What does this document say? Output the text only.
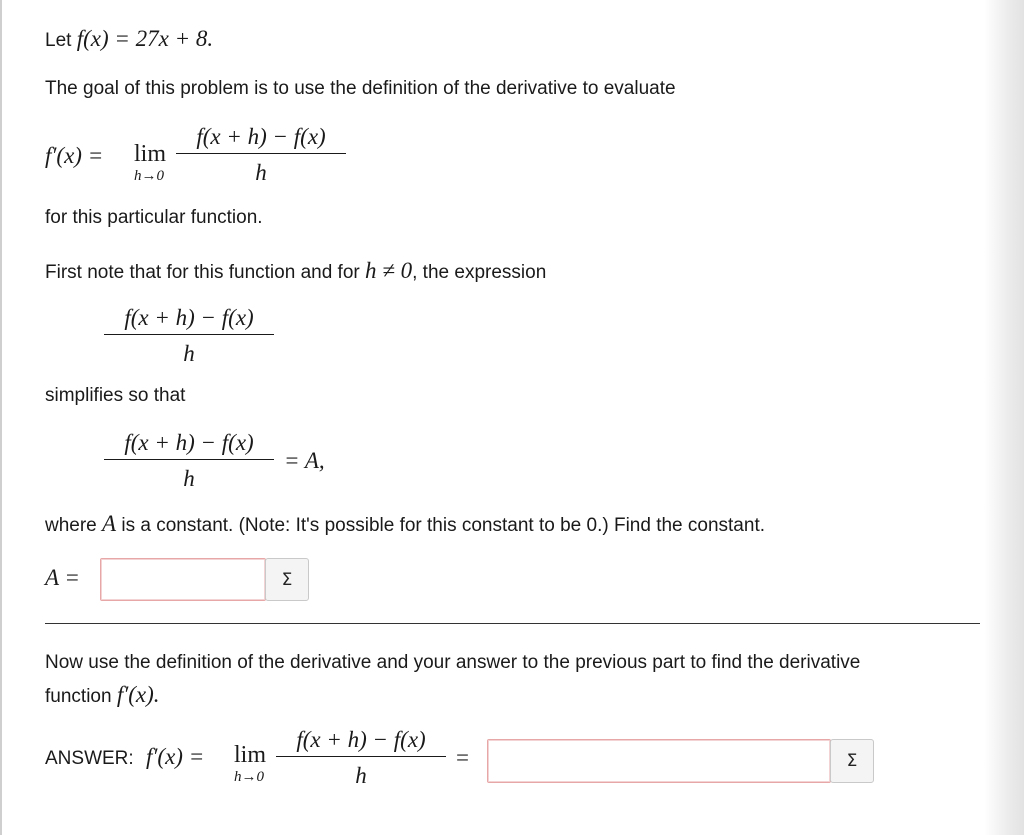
Let f(x) = 27x + 8.
The goal of this problem is to use the definition of the derivative to evaluate
f′(x) = lim
$h\to 0 \frac{f(x + h) - f(x)}{h}$
for this particular function.
First note that for this function and for h ≠ 0, the expression
$\frac{f(x + h) - f(x)}{h}$
simplifies so that
$\frac{f(x + h) - f(x)}{h} = A$,
where A is a constant. (Note: It's possible for this constant to be 0.) Find the constant.
A =	Σ
Now use the definition of the derivative and your answer to the previous part to find the derivative
function f′(x).
ANSWER: f′(x) = lim
$h\to 0 \frac{f(x + h) - f(x)}{h}$ =	Σ
